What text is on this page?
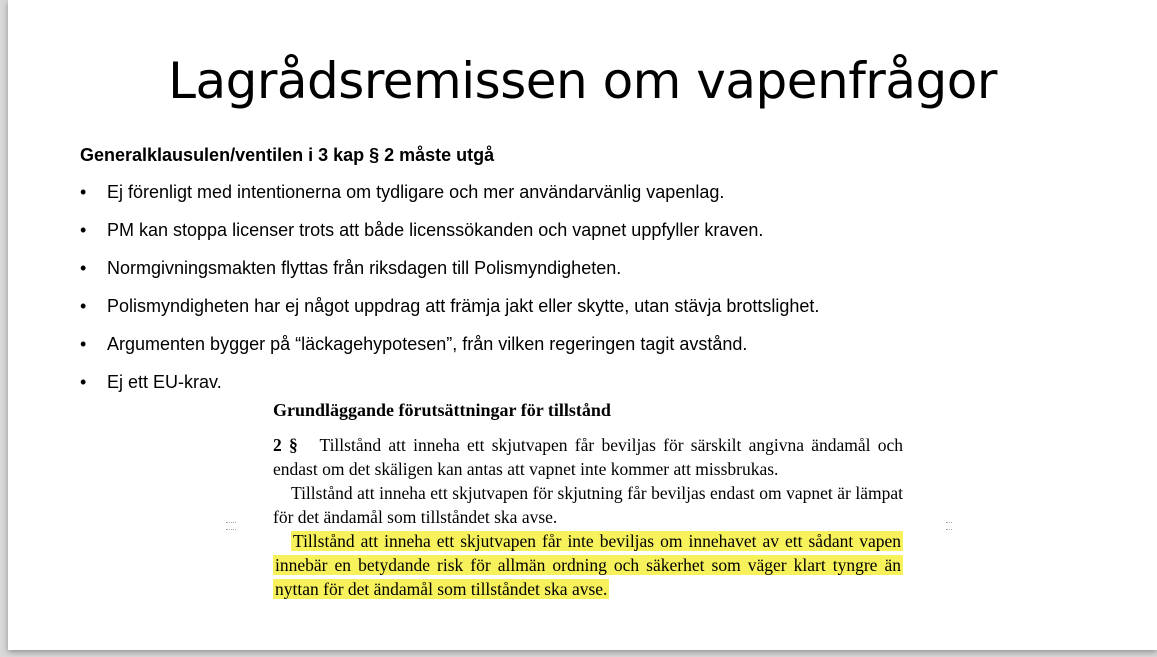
Lagrådsremissen om vapenfrågor
Generalklausulen/ventilen i 3 kap § 2 måste utgå
• Ej förenligt med intentionerna om tydligare och mer användarvänlig vapenlag.
• PM kan stoppa licenser trots att både licenssökanden och vapnet uppfyller kraven.
• Normgivningsmakten flyttas från riksdagen till Polismyndigheten.
• Polismyndigheten har ej något uppdrag att främja jakt eller skytte, utan stävja brottslighet.
• Argumenten bygger på “läckagehypotesen”, från vilken regeringen tagit avstånd.
• Ej ett EU-krav.
Grundläggande förutsättningar för tillstånd

2 § Tillstånd att inneha ett skjutvapen får beviljas för särskilt angivna ändamål och endast om det skäligen kan antas att vapnet inte kommer att missbrukas.

Tillstånd att inneha ett skjutvapen för skjutning får beviljas endast om vapnet är lämpat för det ändamål som tillståndet ska avse.

Tillstånd att inneha ett skjutvapen får inte beviljas om innehavet av ett sådant vapen innebär en betydande risk för allmän ordning och säkerhet som väger klart tyngre än nyttan för det ändamål som tillståndet ska avse.
